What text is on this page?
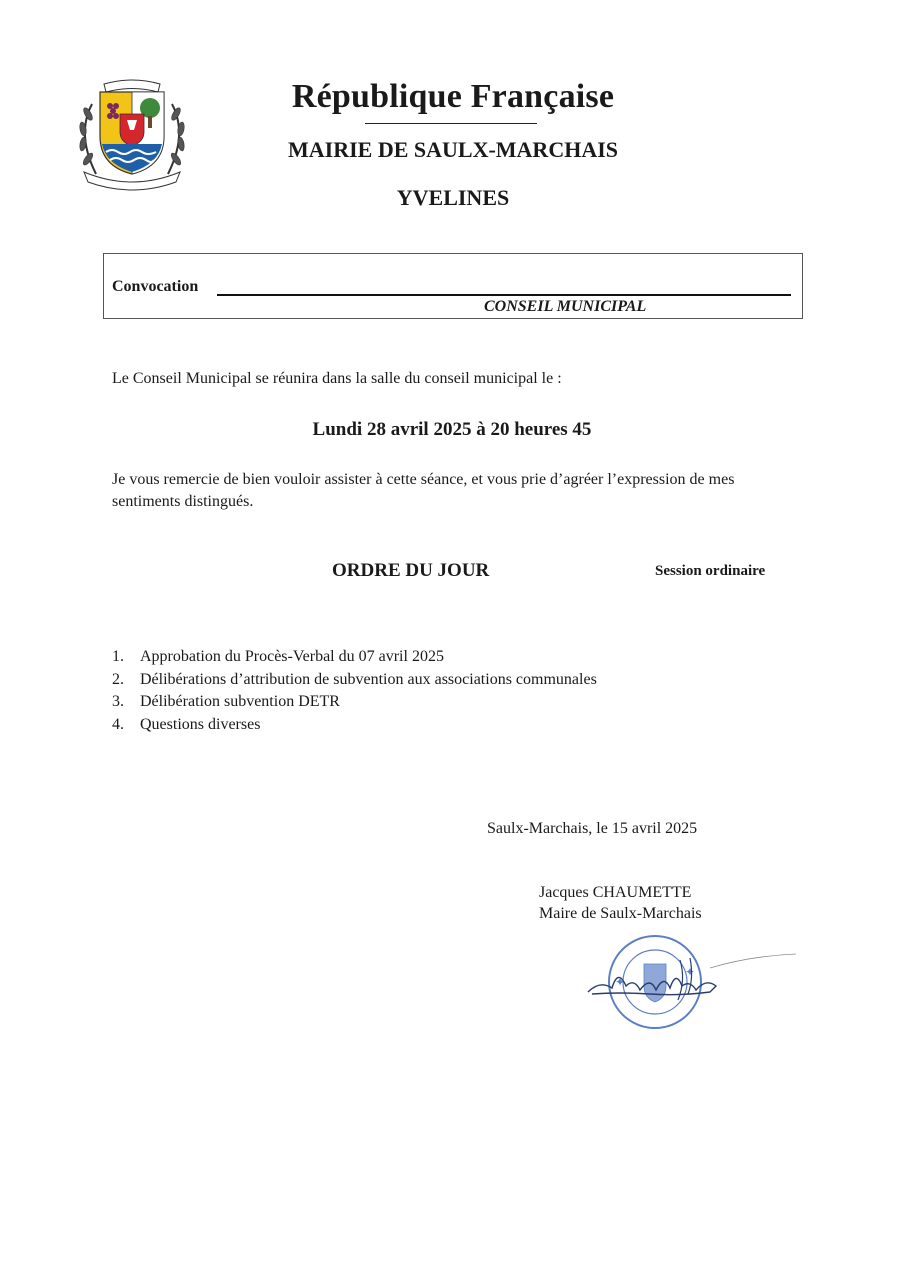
République Française
MAIRIE DE SAULX-MARCHAIS
YVELINES
Convocation
CONSEIL MUNICIPAL
Le Conseil Municipal se réunira dans la salle du conseil municipal le :
Lundi 28 avril 2025 à 20 heures 45
Je vous remercie de bien vouloir assister à cette séance, et vous prie d’agréer l’expression de mes sentiments distingués.
ORDRE DU JOUR	Session ordinaire
1.	Approbation du Procès-Verbal du 07 avril 2025
2.	Délibérations d’attribution de subvention aux associations communales
3.	Délibération subvention DETR
4.	Questions diverses
Saulx-Marchais, le 15 avril 2025
Jacques CHAUMETTE
Maire de Saulx-Marchais
✦
✦
